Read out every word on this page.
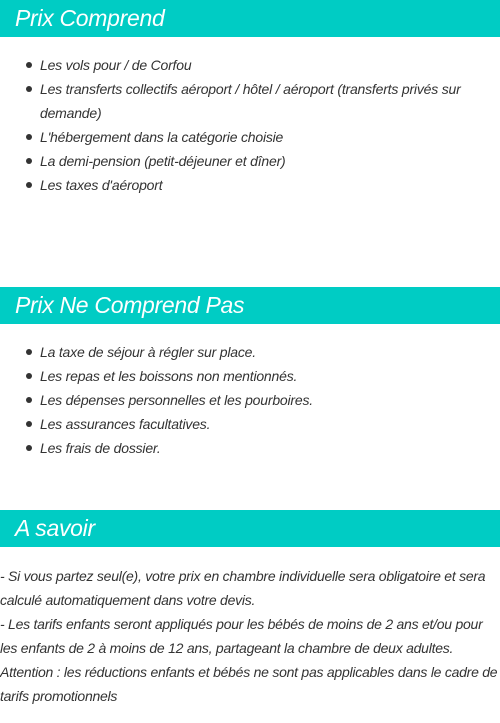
Prix Comprend
Les vols pour / de Corfou
Les transferts collectifs aéroport / hôtel / aéroport (transferts privés sur demande)
L'hébergement dans la catégorie choisie
La demi-pension (petit-déjeuner et dîner)
Les taxes d'aéroport
Prix Ne Comprend Pas
La taxe de séjour à régler sur place.
Les repas et les boissons non mentionnés.
Les dépenses personnelles et les pourboires.
Les assurances facultatives.
Les frais de dossier.
A savoir

- Si vous partez seul(e), votre prix en chambre individuelle sera obligatoire et sera calculé automatiquement dans votre devis.

- Les tarifs enfants seront appliqués pour les bébés de moins de 2 ans et/ou pour les enfants de 2 à moins de 12 ans, partageant la chambre de deux adultes.

Attention : les réductions enfants et bébés ne sont pas applicables dans le cadre de tarifs promotionnels
